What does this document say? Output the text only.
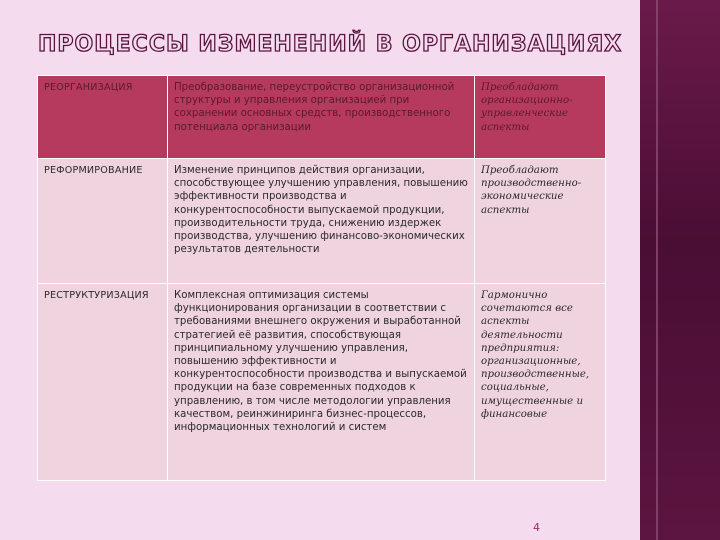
ПРОЦЕССЫ ИЗМЕНЕНИЙ В ОРГАНИЗАЦИЯХ
РЕОРГАНИЗАЦИЯ	Преобразование, переустройство организационной структуры и управления организацией при сохранении основных средств, производственного потенциала организации	Преобладают организационно-управленческие аспекты
РЕФОРМИРОВАНИЕ	Изменение принципов действия организации, способствующее улучшению управления, повышению эффективности производства и конкурентоспособности выпускаемой продукции, производительности труда, снижению издержек производства, улучшению финансово-экономических результатов деятельности	Преобладают производственно-экономические аспекты
РЕСТРУКТУРИЗАЦИЯ	Комплексная оптимизация системы функционирования организации в соответствии с требованиями внешнего окружения и выработанной стратегией её развития, способствующая принципиальному улучшению управления, повышению эффективности и конкурентоспособности производства и выпускаемой продукции на базе современных подходов к управлению, в том числе методологии управления качеством, реинжиниринга бизнес-процессов, информационных технологий и систем	Гармонично сочетаются все аспекты деятельности предприятия: организационные, производственные, социальные, имущественные и финансовые
4
